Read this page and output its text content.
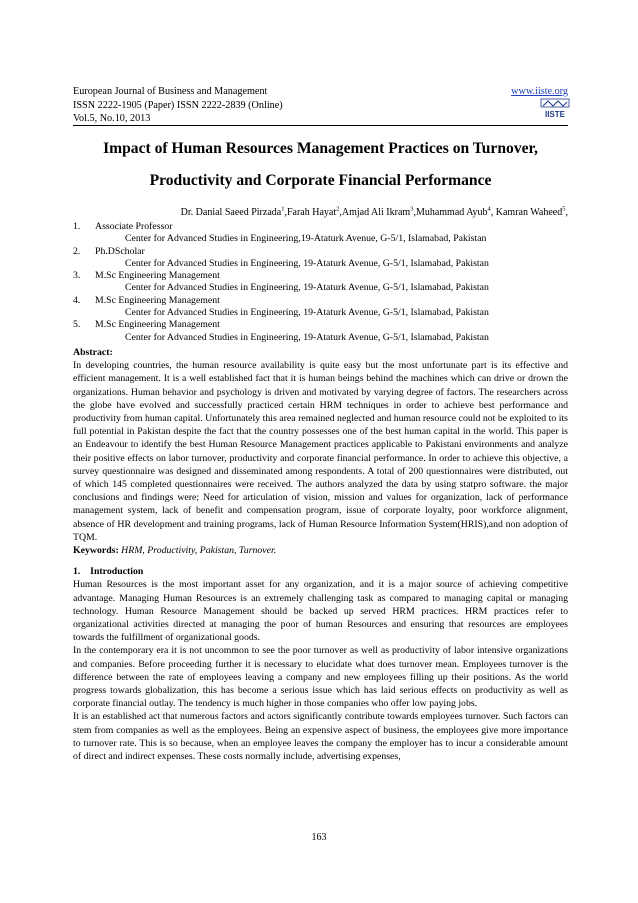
European Journal of Business and Management
ISSN 2222-1905 (Paper) ISSN 2222-2839 (Online)
Vol.5, No.10, 2013
www.iiste.org
IISTE
Impact of Human Resources Management Practices on Turnover,
Productivity and Corporate Financial Performance
Dr. Danial Saeed Pirzada$^1$,Farah Hayat$^2$,Amjad Ali Ikram$^3$,Muhammad Ayub$^4$, Kamran Waheed$^5$,
1. Associate Professor
Center for Advanced Studies in Engineering,19-Ataturk Avenue, G-5/1, Islamabad, Pakistan
2. Ph.DScholar
Center for Advanced Studies in Engineering, 19-Ataturk Avenue, G-5/1, Islamabad, Pakistan
3. M.Sc Engineering Management
Center for Advanced Studies in Engineering, 19-Ataturk Avenue, G-5/1, Islamabad, Pakistan
4. M.Sc Engineering Management
Center for Advanced Studies in Engineering, 19-Ataturk Avenue, G-5/1, Islamabad, Pakistan
5. M.Sc Engineering Management
Center for Advanced Studies in Engineering, 19-Ataturk Avenue, G-5/1, Islamabad, Pakistan

Abstract:

In developing countries, the human resource availability is quite easy but the most unfortunate part is its effective and efficient management. It is a well established fact that it is human beings behind the machines which can drive or drown the organizations. Human behavior and psychology is driven and motivated by varying degree of factors. The researchers across the globe have evolved and successfully practiced certain HRM techniques in order to achieve best performance and productivity from human capital. Unfortunately this area remained neglected and human resource could not be exploited to its full potential in Pakistan despite the fact that the country possesses one of the best human capital in the world. This paper is an Endeavour to identify the best Human Resource Management practices applicable to Pakistani environments and analyze their positive effects on labor turnover, productivity and corporate financial performance. In order to achieve this objective, a survey questionnaire was designed and disseminated among respondents. A total of 200 questionnaires were distributed, out of which 145 completed questionnaires were received. The authors analyzed the data by using statpro software. the major conclusions and findings were; Need for articulation of vision, mission and values for organization, lack of performance management system, lack of benefit and compensation program, issue of corporate loyalty, poor workforce alignment, absence of HR development and training programs, lack of Human Resource Information System(HRIS),and non adoption of TQM.

Keywords: HRM, Productivity, Pakistan, Turnover.

1. Introduction

Human Resources is the most important asset for any organization, and it is a major source of achieving competitive advantage. Managing Human Resources is an extremely challenging task as compared to managing capital or managing technology. Human Resource Management should be backed up served HRM practices. HRM practices refer to organizational activities directed at managing the poor of human Resources and ensuring that resources are employees towards the fulfillment of organizational goods.

In the contemporary era it is not uncommon to see the poor turnover as well as productivity of labor intensive organizations and companies. Before proceeding further it is necessary to elucidate what does turnover mean. Employees turnover is the difference between the rate of employees leaving a company and new employees filling up their positions. As the world progress towards globalization, this has become a serious issue which has laid serious effects on productivity as well as corporate financial outlay. The tendency is much higher in those companies who offer low paying jobs.

It is an established act that numerous factors and actors significantly contribute towards employees turnover. Such factors can stem from companies as well as the employees. Being an expensive aspect of business, the employees give more importance to turnover rate. This is so because, when an employee leaves the company the employer has to incur a considerable amount of direct and indirect expenses. These costs normally include, advertising expenses,

163
